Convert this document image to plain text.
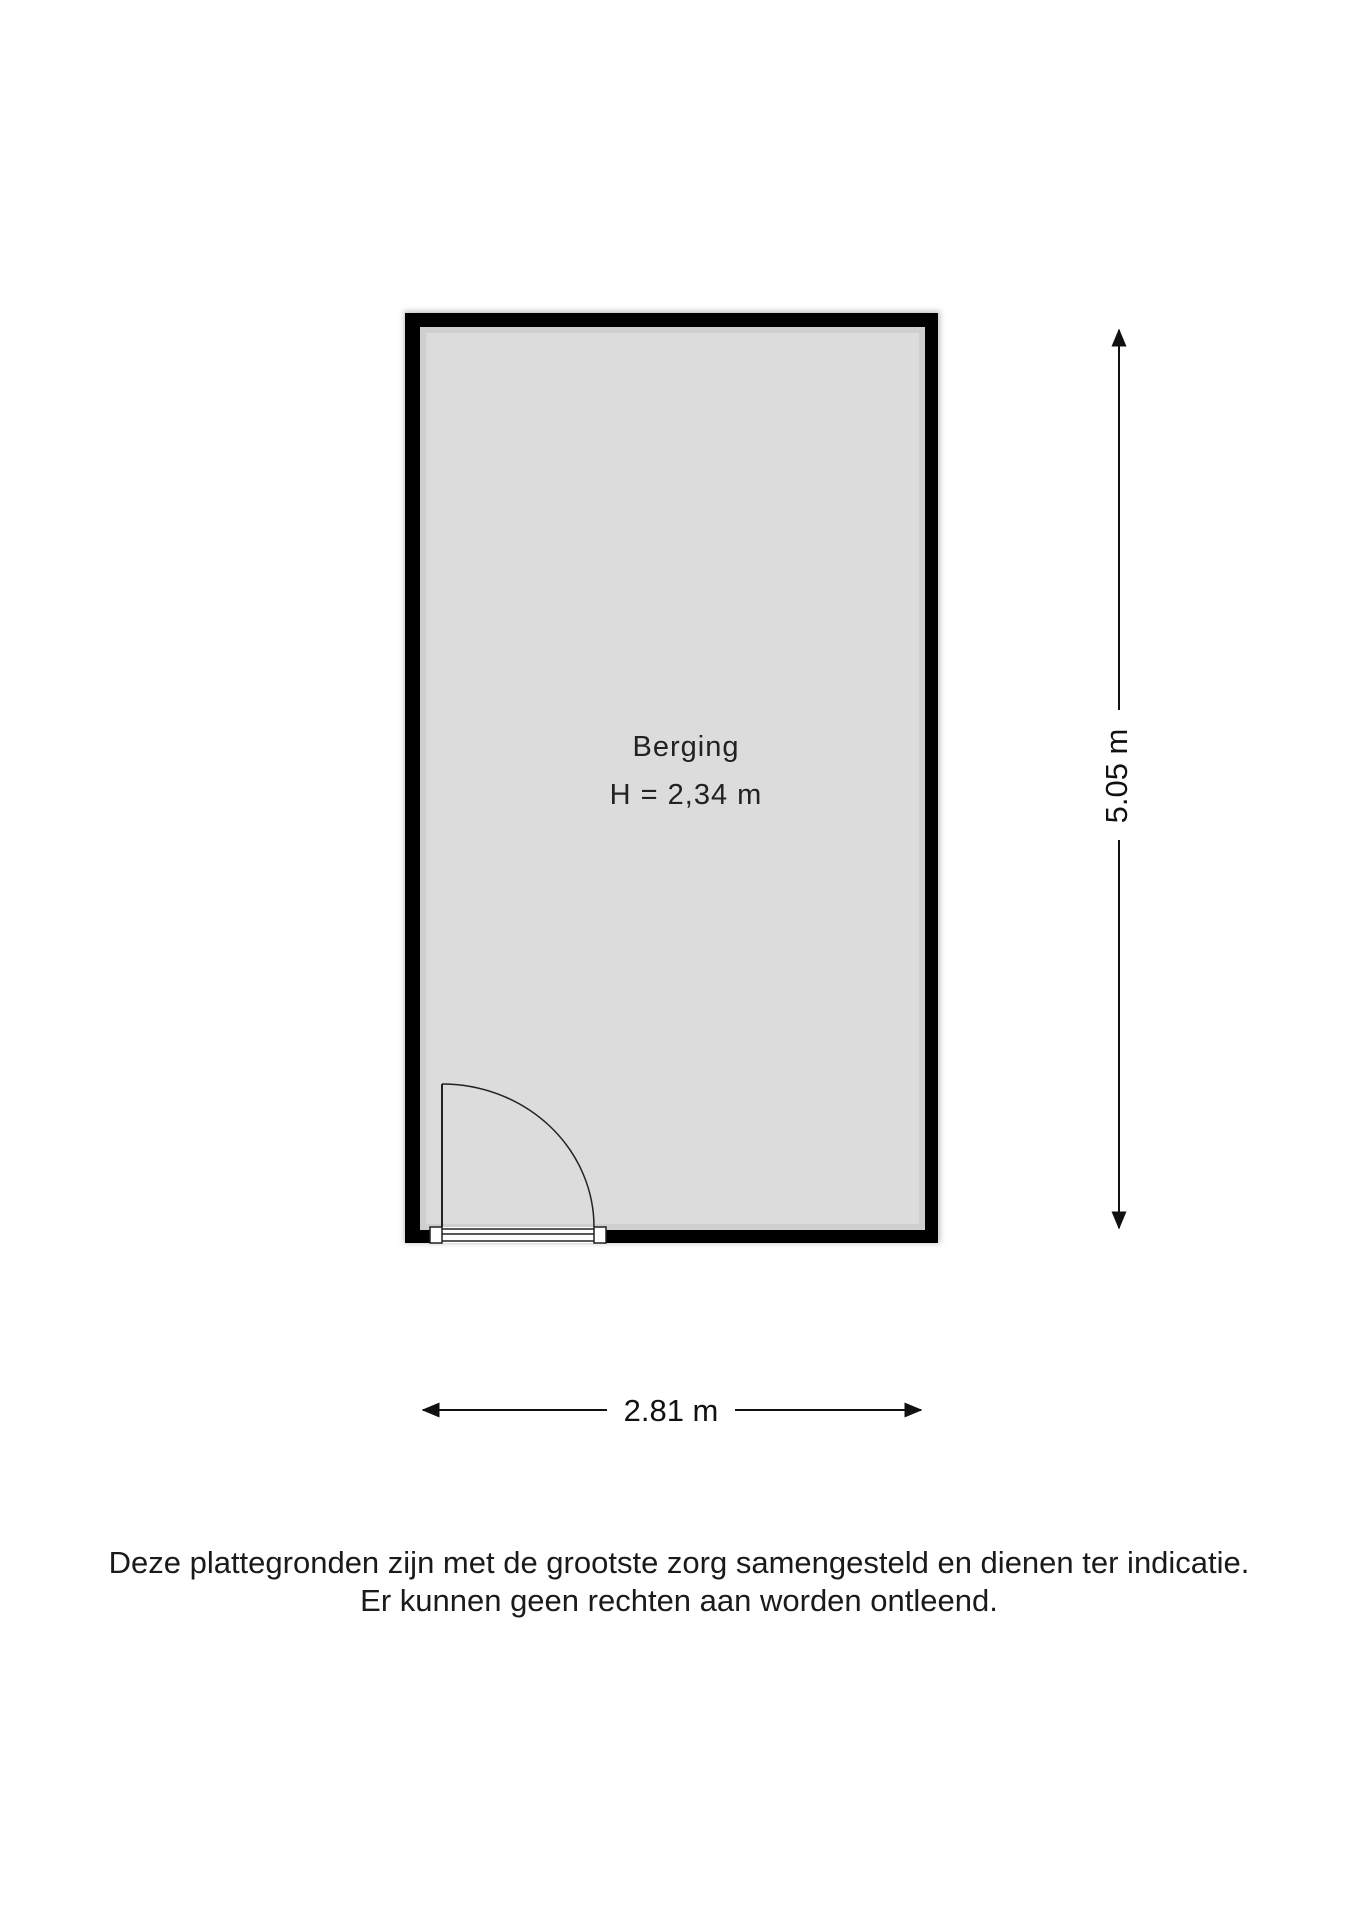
Berging
H = 2,34 m	5.05 m
2.81 m
Deze plattegronden zijn met de grootste zorg samengesteld en dienen ter indicatie.
Er kunnen geen rechten aan worden ontleend.
